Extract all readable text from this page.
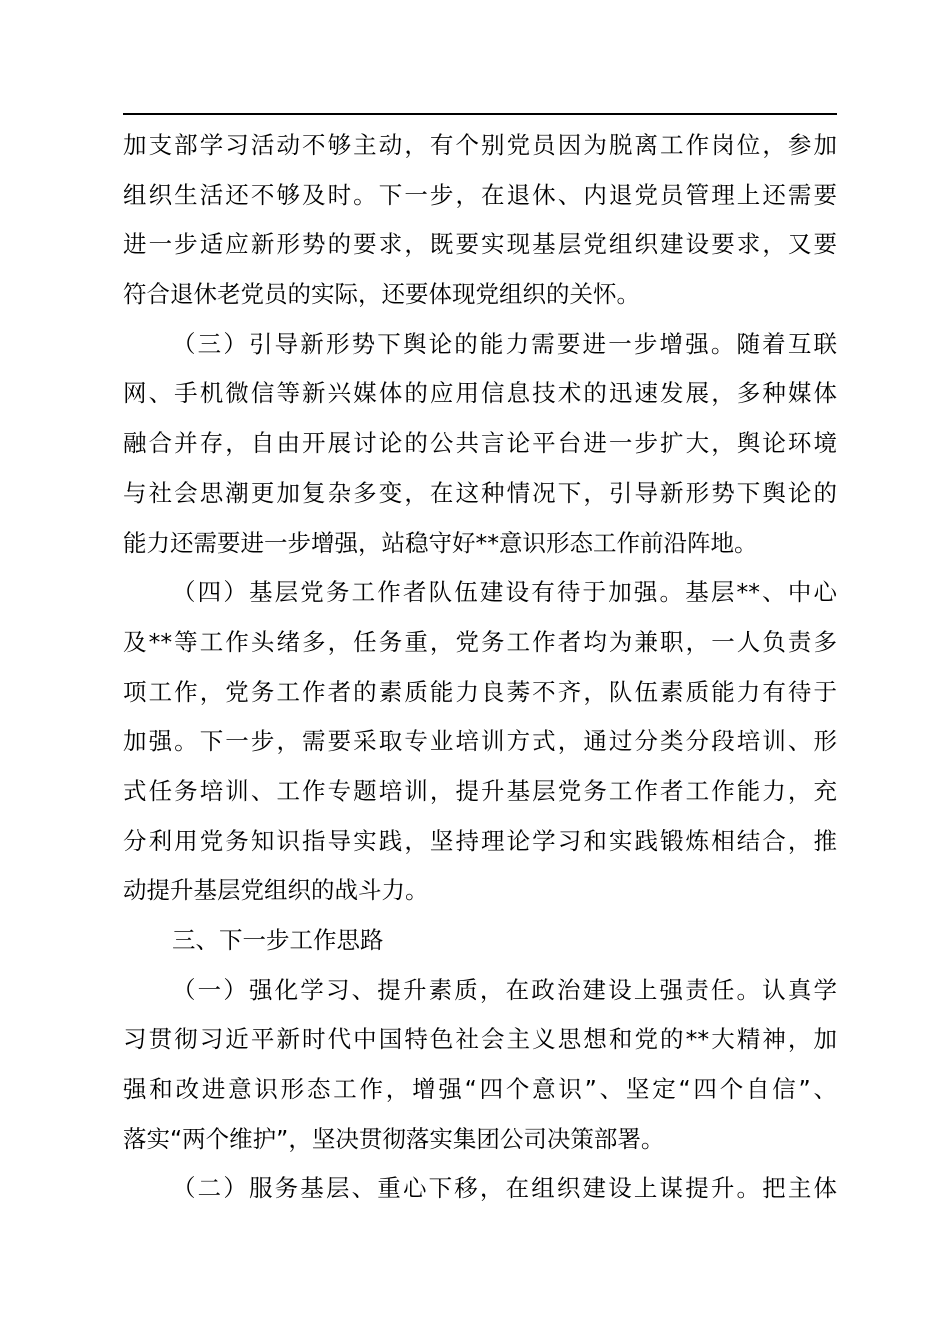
加支部学习活动不够主动，有个别党员因为脱离工作岗位，参加
组织生活还不够及时。下一步，在退休、内退党员管理上还需要
进一步适应新形势的要求，既要实现基层党组织建设要求，又要
符合退休老党员的实际，还要体现党组织的关怀。
（三）引导新形势下舆论的能力需要进一步增强。随着互联
网、手机微信等新兴媒体的应用信息技术的迅速发展，多种媒体
融合并存，自由开展讨论的公共言论平台进一步扩大，舆论环境
与社会思潮更加复杂多变，在这种情况下，引导新形势下舆论的
能力还需要进一步增强，站稳守好**意识形态工作前沿阵地。
（四）基层党务工作者队伍建设有待于加强。基层**、中心
及**等工作头绪多，任务重，党务工作者均为兼职，一人负责多
项工作，党务工作者的素质能力良莠不齐，队伍素质能力有待于
加强。下一步，需要采取专业培训方式，通过分类分段培训、形
式任务培训、工作专题培训，提升基层党务工作者工作能力，充
分利用党务知识指导实践，坚持理论学习和实践锻炼相结合，推
动提升基层党组织的战斗力。
三、下一步工作思路
（一）强化学习、提升素质，在政治建设上强责任。认真学
习贯彻习近平新时代中国特色社会主义思想和党的**大精神，加
强和改进意识形态工作，增强“四个意识”、坚定“四个自信”、
落实“两个维护”，坚决贯彻落实集团公司决策部署。
（二）服务基层、重心下移，在组织建设上谋提升。把主体
